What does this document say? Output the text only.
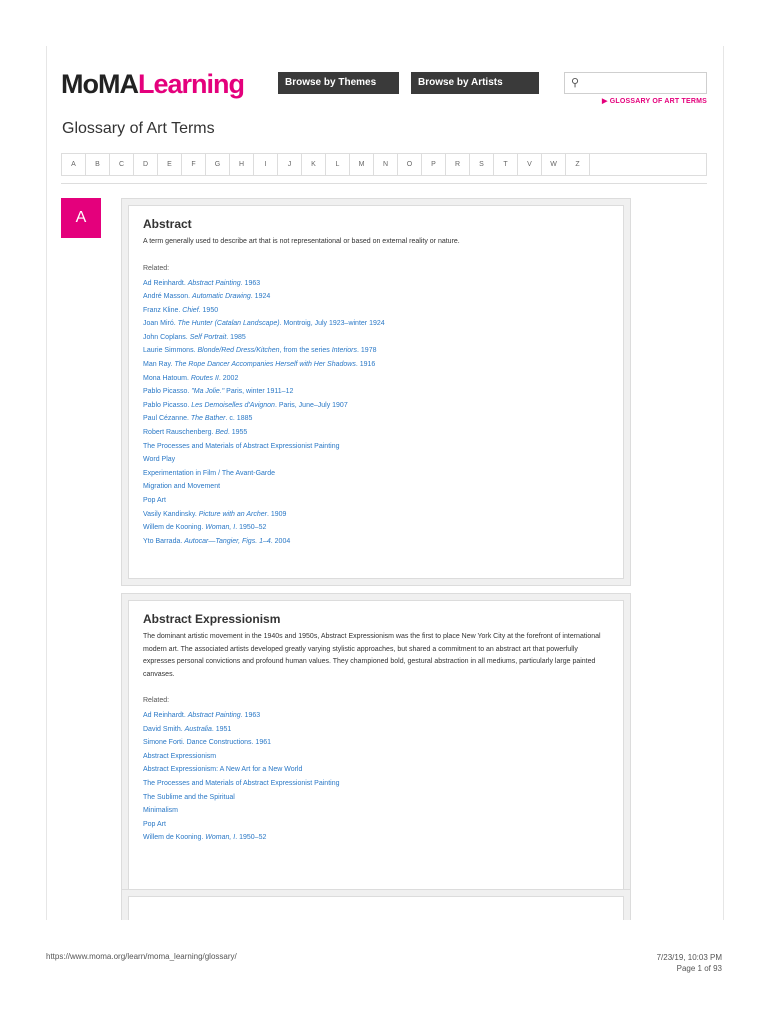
MoMALearning	Browse by Themes	Browse by Artists	⚲
▶ GLOSSARY OF ART TERMS
Glossary of Art Terms
A	B	C	D	E	F	G	H	I	J	K	L	M	N	O	P	R	S	T	V	W	Z
A	Abstract
A term generally used to describe art that is not representational or based on external reality or nature.
Related:
Ad Reinhardt. Abstract Painting. 1963
André Masson. Automatic Drawing. 1924
Franz Kline. Chief. 1950
Joan Miró. The Hunter (Catalan Landscape). Montroig, July 1923–winter 1924
John Coplans. Self Portrait. 1985
Laurie Simmons. Blonde/Red Dress/Kitchen, from the series Interiors. 1978
Man Ray. The Rope Dancer Accompanies Herself with Her Shadows. 1916
Mona Hatoum. Routes II. 2002
Pablo Picasso. "Ma Jolie." Paris, winter 1911–12
Pablo Picasso. Les Demoiselles d'Avignon. Paris, June–July 1907
Paul Cézanne. The Bather. c. 1885
Robert Rauschenberg. Bed. 1955
The Processes and Materials of Abstract Expressionist Painting
Word Play
Experimentation in Film / The Avant-Garde
Migration and Movement
Pop Art
Vasily Kandinsky. Picture with an Archer. 1909
Willem de Kooning. Woman, I. 1950–52
Yto Barrada. Autocar—Tangier, Figs. 1–4. 2004
Abstract Expressionism
The dominant artistic movement in the 1940s and 1950s, Abstract Expressionism was the first to place New York City at the forefront of international modern art. The associated artists developed greatly varying stylistic approaches, but shared a commitment to an abstract art that powerfully expresses personal convictions and profound human values. They championed bold, gestural abstraction in all mediums, particularly large painted canvases.
Related:
Ad Reinhardt. Abstract Painting. 1963
David Smith. Australia. 1951
Simone Forti. Dance Constructions. 1961
Abstract Expressionism
Abstract Expressionism: A New Art for a New World
The Processes and Materials of Abstract Expressionist Painting
The Sublime and the Spiritual
Minimalism
Pop Art
Willem de Kooning. Woman, I. 1950–52
https://www.moma.org/learn/moma_learning/glossary/	7/23/19, 10:03 PM
Page 1 of 93
